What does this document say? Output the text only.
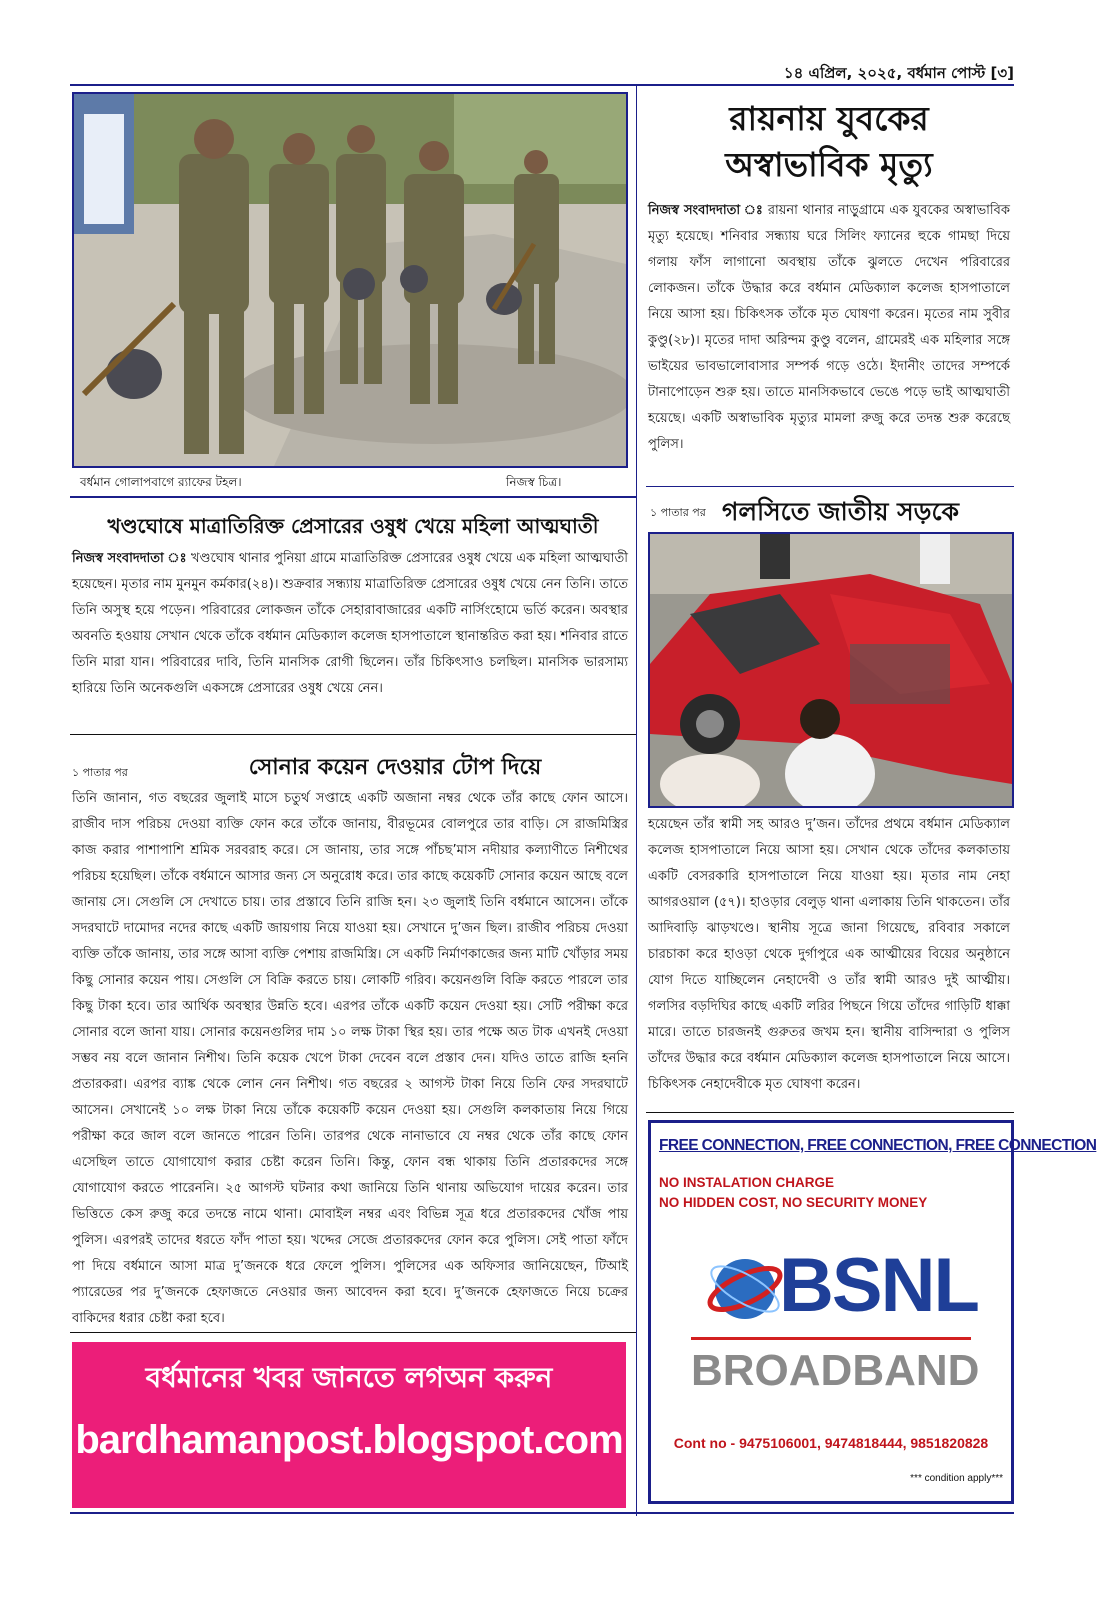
১৪ এপ্রিল, ২০২৫, বর্ধমান পোস্ট [৩]
বর্ধমান গোলাপবাগে র‍্যাফের টহল।	নিজস্ব চিত্র।
খণ্ডঘোষে মাত্রাতিরিক্ত প্রেসারের ওষুধ খেয়ে মহিলা আত্মঘাতী
নিজস্ব সংবাদদাতা ঃ খণ্ডঘোষ থানার পুনিয়া গ্রামে মাত্রাতিরিক্ত প্রেসারের ওষুধ খেয়ে এক মহিলা আত্মঘাতী হয়েছেন। মৃতার নাম মুনমুন কর্মকার(২৪)। শুক্রবার সন্ধ্যায় মাত্রাতিরিক্ত প্রেসারের ওষুধ খেয়ে নেন তিনি। তাতে তিনি অসুস্থ হয়ে পড়েন। পরিবারের লোকজন তাঁকে সেহারাবাজারের একটি নার্সিংহোমে ভর্তি করেন। অবস্থার অবনতি হওয়ায় সেখান থেকে তাঁকে বর্ধমান মেডিক্যাল কলেজ হাসপাতালে স্থানান্তরিত করা হয়। শনিবার রাতে তিনি মারা যান। পরিবারের দাবি, তিনি মানসিক রোগী ছিলেন। তাঁর চিকিৎসাও চলছিল। মানসিক ভারসাম্য হারিয়ে তিনি অনেকগুলি একসঙ্গে প্রেসারের ওষুধ খেয়ে নেন।
১ পাতার পর	সোনার কয়েন দেওয়ার টোপ দিয়ে
তিনি জানান, গত বছরের জুলাই মাসে চতুর্থ সপ্তাহে একটি অজানা নম্বর থেকে তাঁর কাছে ফোন আসে। রাজীব দাস পরিচয় দেওয়া ব্যক্তি ফোন করে তাঁকে জানায়, বীরভূমের বোলপুরে তার বাড়ি। সে রাজমিস্ত্রির কাজ করার পাশাপাশি শ্রমিক সরবরাহ করে। সে জানায়, তার সঙ্গে পাঁচছ’মাস নদীয়ার কল্যাণীতে নিশীথের পরিচয় হয়েছিল। তাঁকে বর্ধমানে আসার জন্য সে অনুরোধ করে। তার কাছে কয়েকটি সোনার কয়েন আছে বলে জানায় সে। সেগুলি সে দেখাতে চায়। তার প্রস্তাবে তিনি রাজি হন। ২৩ জুলাই তিনি বর্ধমানে আসেন। তাঁকে সদরঘাটে দামোদর নদের কাছে একটি জায়গায় নিয়ে যাওয়া হয়। সেখানে দু’জন ছিল। রাজীব পরিচয় দেওয়া ব্যক্তি তাঁকে জানায়, তার সঙ্গে আসা ব্যক্তি পেশায় রাজমিস্ত্রি। সে একটি নির্মাণকাজের জন্য মাটি খোঁড়ার সময় কিছু সোনার কয়েন পায়। সেগুলি সে বিক্রি করতে চায়। লোকটি গরিব। কয়েনগুলি বিক্রি করতে পারলে তার কিছু টাকা হবে। তার আর্থিক অবস্থার উন্নতি হবে। এরপর তাঁকে একটি কয়েন দেওয়া হয়। সেটি পরীক্ষা করে সোনার বলে জানা যায়। সোনার কয়েনগুলির দাম ১০ লক্ষ টাকা স্থির হয়। তার পক্ষে অত টাক এখনই দেওয়া সম্ভব নয় বলে জানান নিশীথ। তিনি কয়েক খেপে টাকা দেবেন বলে প্রস্তাব দেন। যদিও তাতে রাজি হননি প্রতারকরা। এরপর ব্যাঙ্ক থেকে লোন নেন নিশীথ। গত বছরের ২ আগস্ট টাকা নিয়ে তিনি ফের সদরঘাটে আসেন। সেখানেই ১০ লক্ষ টাকা নিয়ে তাঁকে কয়েকটি কয়েন দেওয়া হয়। সেগুলি কলকাতায় নিয়ে গিয়ে পরীক্ষা করে জাল বলে জানতে পারেন তিনি। তারপর থেকে নানাভাবে যে নম্বর থেকে তাঁর কাছে ফোন এসেছিল তাতে যোগাযোগ করার চেষ্টা করেন তিনি। কিন্তু, ফোন বন্ধ থাকায় তিনি প্রতারকদের সঙ্গে যোগাযোগ করতে পারেননি। ২৫ আগস্ট ঘটনার কথা জানিয়ে তিনি থানায় অভিযোগ দায়ের করেন। তার ভিত্তিতে কেস রুজু করে তদন্তে নামে থানা। মোবাইল নম্বর এবং বিভিন্ন সূত্র ধরে প্রতারকদের খোঁজ পায় পুলিস। এরপরই তাদের ধরতে ফাঁদ পাতা হয়। খদ্দের সেজে প্রতারকদের ফোন করে পুলিস। সেই পাতা ফাঁদে পা দিয়ে বর্ধমানে আসা মাত্র দু’জনকে ধরে ফেলে পুলিস। পুলিসের এক অফিসার জানিয়েছেন, টিআই প্যারেডের পর দু’জনকে হেফাজতে নেওয়ার জন্য আবেদন করা হবে। দু’জনকে হেফাজতে নিয়ে চক্রের বাকিদের ধরার চেষ্টা করা হবে।
বর্ধমানের খবর জানতে লগঅন করুন
bardhamanpost.blogspot.com
রায়নায় যুবকের
অস্বাভাবিক মৃত্যু
নিজস্ব সংবাদদাতা ঃ রায়না থানার নাড়ুগ্রামে এক যুবকের অস্বাভাবিক মৃত্যু হয়েছে। শনিবার সন্ধ্যায় ঘরে সিলিং ফ্যানের হুকে গামছা দিয়ে গলায় ফাঁস লাগানো অবস্থায় তাঁকে ঝুলতে দেখেন পরিবারের লোকজন। তাঁকে উদ্ধার করে বর্ধমান মেডিক্যাল কলেজ হাসপাতালে নিয়ে আসা হয়। চিকিৎসক তাঁকে মৃত ঘোষণা করেন। মৃতের নাম সুবীর কুণ্ডু(২৮)। মৃতের দাদা অরিন্দম কুণ্ডু বলেন, গ্রামেরই এক মহিলার সঙ্গে ভাইয়ের ভাবভালোবাসার সম্পর্ক গড়ে ওঠে। ইদানীং তাদের সম্পর্কে টানাপোড়েন শুরু হয়। তাতে মানসিকভাবে ভেঙে পড়ে ভাই আত্মঘাতী হয়েছে। একটি অস্বাভাবিক মৃত্যুর মামলা রুজু করে তদন্ত শুরু করেছে পুলিস।
১ পাতার পর গলসিতে জাতীয় সড়কে
হয়েছেন তাঁর স্বামী সহ আরও দু’জন। তাঁদের প্রথমে বর্ধমান মেডিক্যাল কলেজ হাসপাতালে নিয়ে আসা হয়। সেখান থেকে তাঁদের কলকাতায় একটি বেসরকারি হাসপাতালে নিয়ে যাওয়া হয়। মৃতার নাম নেহা আগরওয়াল (৫৭)। হাওড়ার বেলুড় থানা এলাকায় তিনি থাকতেন। তাঁর আদিবাড়ি ঝাড়খণ্ডে। স্থানীয় সূত্রে জানা গিয়েছে, রবিবার সকালে চারচাকা করে হাওড়া থেকে দুর্গাপুরে এক আত্মীয়ের বিয়ের অনুষ্ঠানে যোগ দিতে যাচ্ছিলেন নেহাদেবী ও তাঁর স্বামী আরও দুই আত্মীয়। গলসির বড়দিঘির কাছে একটি লরির পিছনে গিয়ে তাঁদের গাড়িটি ধাক্কা মারে। তাতে চারজনই গুরুতর জখম হন। স্থানীয় বাসিন্দারা ও পুলিস তাঁদের উদ্ধার করে বর্ধমান মেডিক্যাল কলেজ হাসপাতালে নিয়ে আসে। চিকিৎসক নেহাদেবীকে মৃত ঘোষণা করেন।
FREE CONNECTION, FREE CONNECTION, FREE CONNECTION
NO INSTALATION CHARGE
NO HIDDEN COST, NO SECURITY MONEY
BSNL
BROADBAND
Cont no - 9475106001, 9474818444, 9851820828
*** condition apply***
